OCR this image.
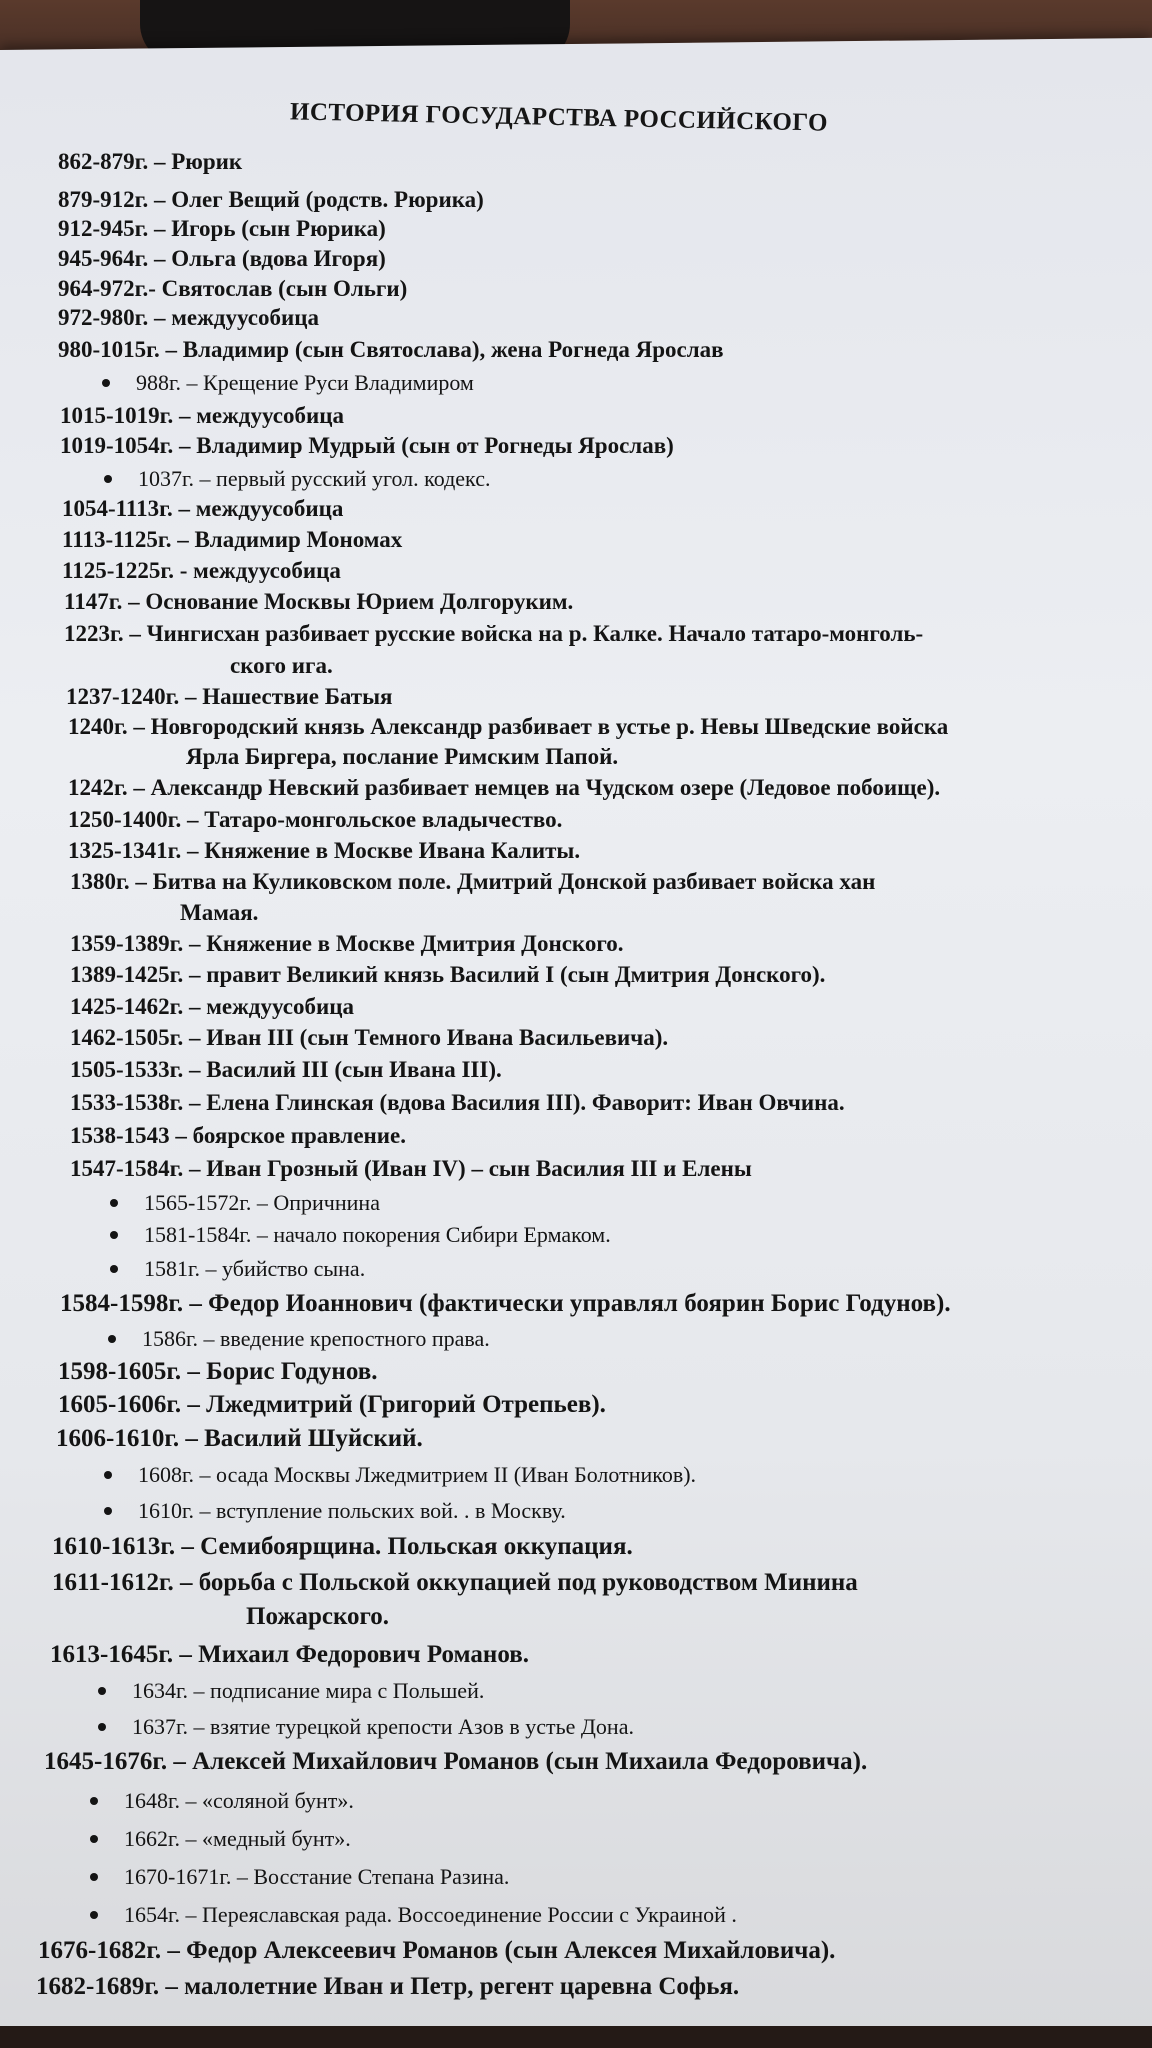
ИСТОРИЯ ГОСУДАРСТВА РОССИЙСКОГО
862-879г. – Рюрик
879-912г. – Олег Вещий (родств. Рюрика)
912-945г. – Игорь (сын Рюрика)
945-964г. – Ольга (вдова Игоря)
964-972г.- Святослав (сын Ольги)
972-980г. – междуусобица
980-1015г. – Владимир (сын Святослава), жена Рогнеда Ярослав
988г. – Крещение Руси Владимиром
1015-1019г. – междуусобица
1019-1054г. – Владимир Мудрый (сын от Рогнеды Ярослав)
1037г. – первый русский угол. кодекс.
1054-1113г. – междуусобица
1113-1125г. – Владимир Мономах
1125-1225г. - междуусобица
1147г. – Основание Москвы Юрием Долгоруким.
1223г. – Чингисхан разбивает русские войска на р. Калке. Начало татаро-монголь-
ского ига.
1237-1240г. – Нашествие Батыя
1240г. – Новгородский князь Александр разбивает в устье р. Невы Шведские войска
Ярла Биргера, послание Римским Папой.
1242г. – Александр Невский разбивает немцев на Чудском озере (Ледовое побоище).
1250-1400г. – Татаро-монгольское владычество.
1325-1341г. – Княжение в Москве Ивана Калиты.
1380г. – Битва на Куликовском поле. Дмитрий Донской разбивает войска хан
Мамая.
1359-1389г. – Княжение в Москве Дмитрия Донского.
1389-1425г. – правит Великий князь Василий I (сын Дмитрия Донского).
1425-1462г. – междуусобица
1462-1505г. – Иван III (сын Темного Ивана Васильевича).
1505-1533г. – Василий III (сын Ивана III).
1533-1538г. – Елена Глинская (вдова Василия III). Фаворит: Иван Овчина.
1538-1543 – боярское правление.
1547-1584г. – Иван Грозный (Иван IV) – сын Василия III и Елены
1565-1572г. – Опричнина
1581-1584г. – начало покорения Сибири Ермаком.
1581г. – убийство сына.
1584-1598г. – Федор Иоаннович (фактически управлял боярин Борис Годунов).
1586г. – введение крепостного права.
1598-1605г. – Борис Годунов.
1605-1606г. – Лжедмитрий (Григорий Отрепьев).
1606-1610г. – Василий Шуйский.
1608г. – осада Москвы Лжедмитрием II (Иван Болотников).
1610г. – вступление польских вой. . в Москву.
1610-1613г. – Семибоярщина. Польская оккупация.
1611-1612г. – борьба с Польской оккупацией под руководством Минина
Пожарского.
1613-1645г. – Михаил Федорович Романов.
1634г. – подписание мира с Польшей.
1637г. – взятие турецкой крепости Азов в устье Дона.
1645-1676г. – Алексей Михайлович Романов (сын Михаила Федоровича).
1648г. – «соляной бунт».
1662г. – «медный бунт».
1670-1671г. – Восстание Степана Разина.
1654г. – Переяславская рада. Воссоединение России с Украиной .
1676-1682г. – Федор Алексеевич Романов (сын Алексея Михайловича).
1682-1689г. – малолетние Иван и Петр, регент царевна Софья.
